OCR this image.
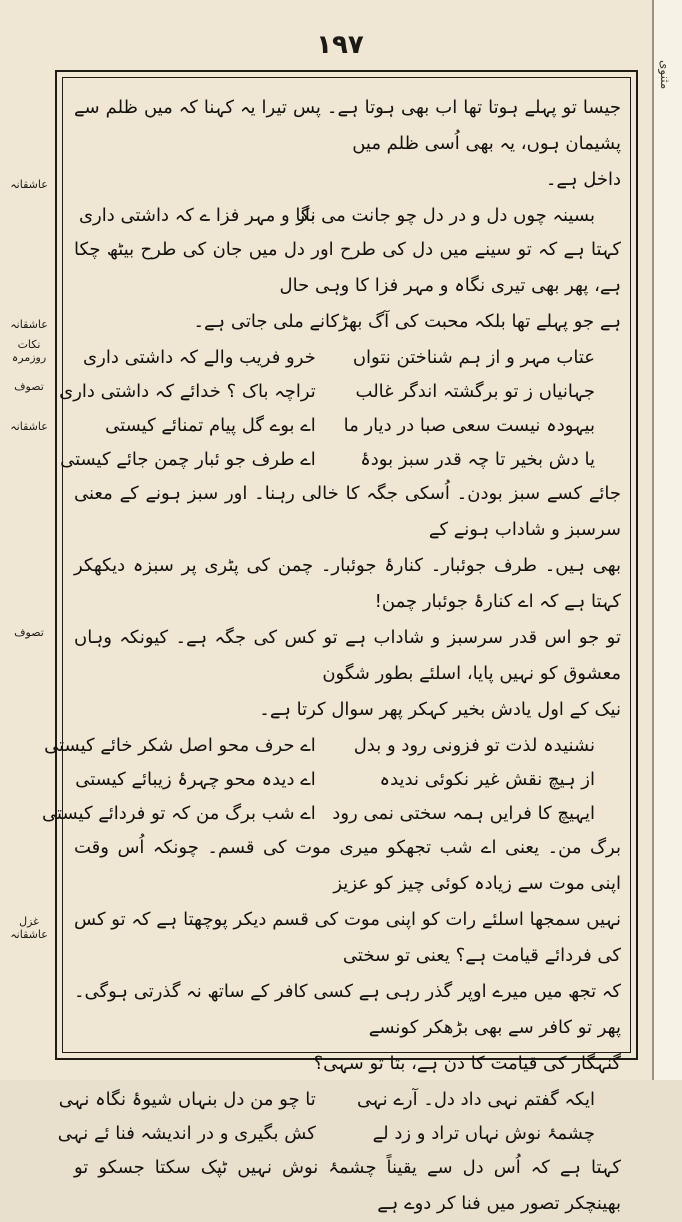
١٩٧
عاشقانہ
عاشقانہ
نکات روزمرہ
تصوف
عاشقانہ
تصوف
غزل عاشقانہ
جیسا تو پہلے ہوتا تھا اب بھی ہوتا ہے۔ پس تیرا یہ کہنا کہ میں ظلم سے پشیمان ہوں، یہ بھی اُسی ظلم میں
داخل ہے۔
بسینہ چوں دل و در دل چو جانت می باز
نگا و مہر فزا ے کہ داشتی داری
کہتا ہے کہ تو سینے میں دل کی طرح اور دل میں جان کی طرح بیٹھ چکا ہے، پھر بھی تیری نگاہ و مہر فزا کا وہی حال
ہے جو پہلے تھا بلکہ محبت کی آگ بھڑکانے ملی جاتی ہے۔
عتاب مہر و از ہم شناختن نتواں
خرو فریب والے کہ داشتی داری
جہانیاں ز تو برگشتہ اندگر غالب
تراچہ باک ؟ خدائے کہ داشتی داری
بیہودہ نیست سعی صبا در دیار ما
اے بوے گل پیام تمنائے کیستی
یا دش بخیر تا چہ قدر سبز بودۂ
اے طرف جو ئبار چمن جائے کیستی
جائے کسے سبز بودن۔ اُسکی جگہ کا خالی رہنا۔ اور سبز ہونے کے معنی سرسبز و شاداب ہونے کے
بھی ہیں۔ طرف جوئبار۔ کنارۂ جوئبار۔ چمن کی پٹری پر سبزہ دیکھکر کہتا ہے کہ اے کنارۂ جوئبار چمن!
تو جو اس قدر سرسبز و شاداب ہے تو کس کی جگہ ہے۔ کیونکہ وہاں معشوق کو نہیں پایا، اسلئے بطور شگون
نیک کے اول یادش بخیر کہکر پھر سوال کرتا ہے۔
نشنیدہ لذت تو فزونی رود و بدل
اے حرف محو اصل شکر خائے کیستی
از ہیچ نقش غیر نکوئی ندیدہ
اے دیدہ محو چہرۂ زیبائے کیستی
ایہیچ کا فرایں ہمہ سختی نمی رود
اے شب برگ من کہ تو فردائے کیستی
برگ من۔ یعنی اے شب تجھکو میری موت کی قسم۔ چونکہ اُس وقت اپنی موت سے زیادہ کوئی چیز کو عزیز
نہیں سمجھا اسلئے رات کو اپنی موت کی قسم دیکر پوچھتا ہے کہ تو کس کی فردائے قیامت ہے؟ یعنی تو سختی
کہ تجھ میں میرے اوپر گذر رہی ہے کسی کافر کے ساتھ نہ گذرتی ہوگی۔ پھر تو کافر سے بھی بڑھکر کونسے
گنہگار کی قیامت کا دن ہے، بتا تو سہی؟
ایکہ گفتم نہی داد دل۔ آرے نہی
تا چو من دل بنہاں شیوۂ نگاہ نہی
چشمۂ نوش نہاں تراد و زد لے
کش بگیری و در اندیشہ فنا ئے نہی
کہتا ہے کہ اُس دل سے یقیناً چشمۂ نوش نہیں ٹپک سکتا جسکو تو بھینچکر تصور میں فنا کر دوے ہے
مثنوی
